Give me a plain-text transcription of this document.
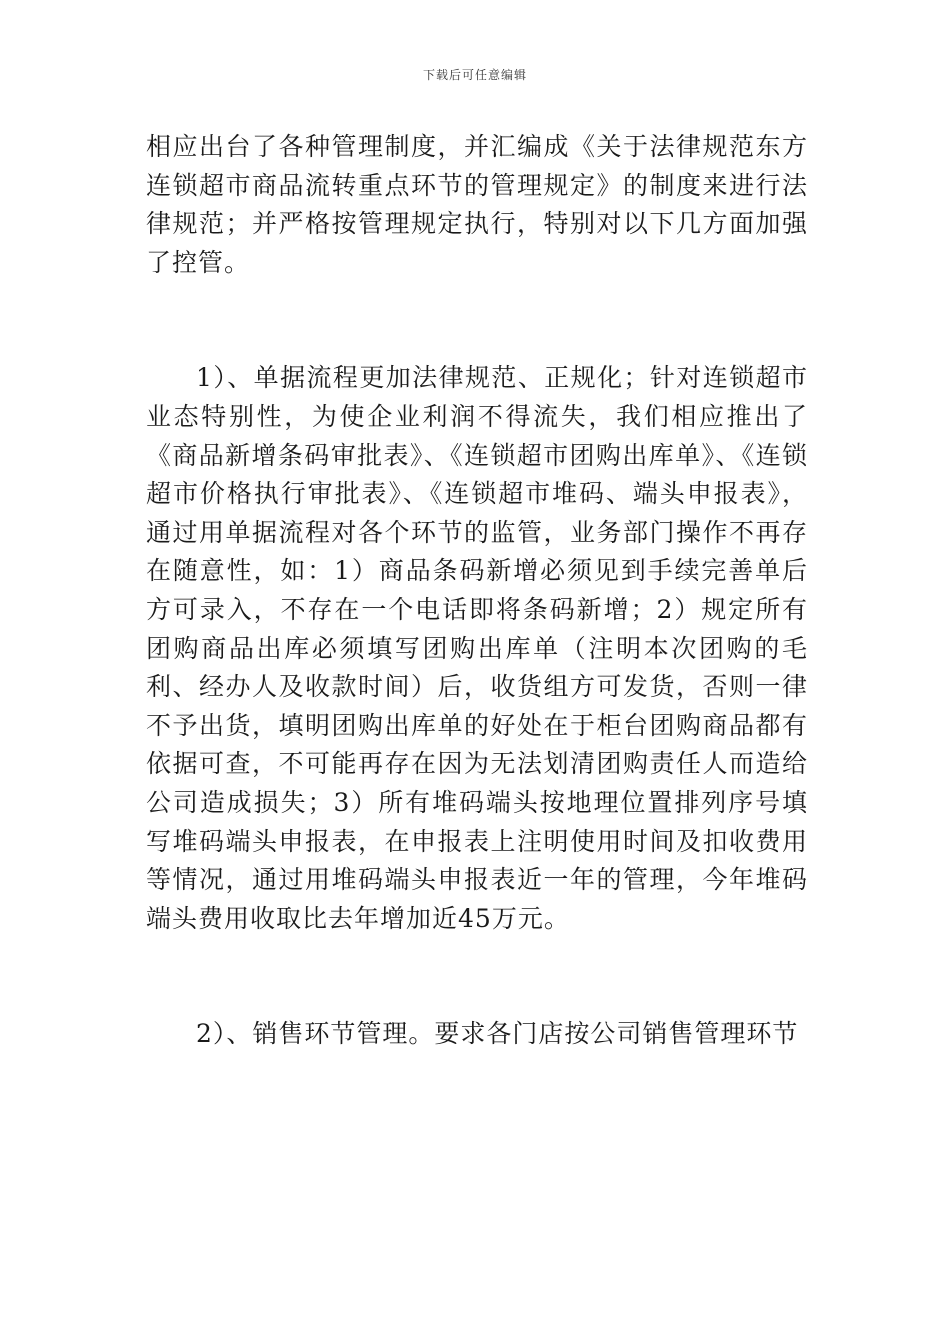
下载后可任意编辑

相应出台了各种管理制度，并汇编成《关于法律规范东方连锁超市商品流转重点环节的管理规定》的制度来进行法律规范；并严格按管理规定执行，特别对以下几方面加强了控管。

1）、单据流程更加法律规范、正规化；针对连锁超市业态特别性，为使企业利润不得流失，我们相应推出了《商品新增条码审批表》、《连锁超市团购出库单》、《连锁超市价格执行审批表》、《连锁超市堆码、端头申报表》，通过用单据流程对各个环节的监管，业务部门操作不再存在随意性，如：1）商品条码新增必须见到手续完善单后方可录入，不存在一个电话即将条码新增；2）规定所有团购商品出库必须填写团购出库单（注明本次团购的毛利、经办人及收款时间）后，收货组方可发货，否则一律不予出货，填明团购出库单的好处在于柜台团购商品都有依据可查，不可能再存在因为无法划清团购责任人而造给公司造成损失；3）所有堆码端头按地理位置排列序号填写堆码端头申报表，在申报表上注明使用时间及扣收费用等情况，通过用堆码端头申报表近一年的管理，今年堆码端头费用收取比去年增加近45万元。

2）、销售环节管理。要求各门店按公司销售管理环节
